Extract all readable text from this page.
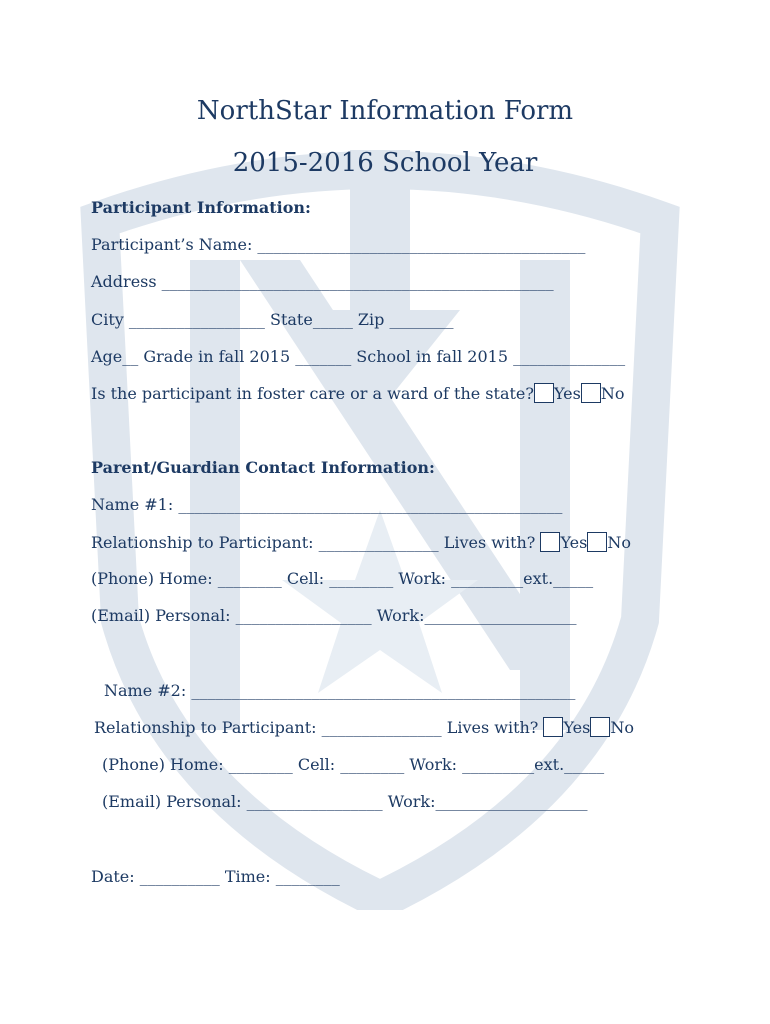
NorthStar Information Form
2015-2016 School Year
Participant Information:
Participant’s Name: _________________________________________
Address _________________________________________________
City _________________ State_____ Zip ________
Age__ Grade in fall 2015 _______ School in fall 2015 ______________
Is the participant in foster care or a ward of the state? Yes No
Parent/Guardian Contact Information:
Name #1: ________________________________________________
Relationship to Participant: _______________ Lives with? Yes No
(Phone) Home: ________ Cell: ________ Work: _________ext._____
(Email) Personal: _________________ Work:___________________
Name #2: ________________________________________________
Relationship to Participant: _______________ Lives with? Yes No
(Phone) Home: ________ Cell: ________ Work: _________ext._____
(Email) Personal: _________________ Work:___________________
Date: __________ Time: ________
